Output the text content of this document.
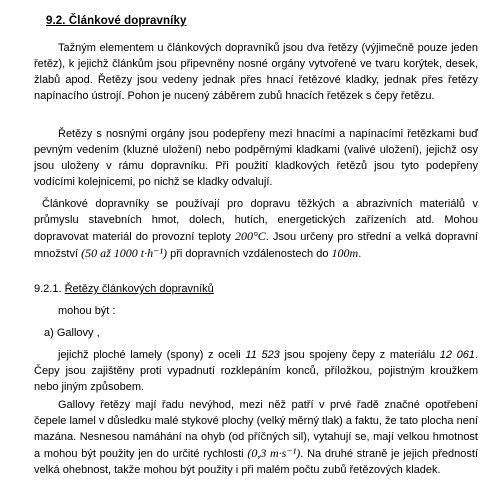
9.2. Článkové dopravníky
Tažným elementem u článkových dopravníků jsou dva řetězy (výjimečně pouze jeden řetěz), k jejichž článkům jsou připevněny nosné orgány vytvořené ve tvaru korýtek, desek, žlabů apod. Řetězy jsou vedeny jednak přes hnací řetězové kladky, jednak přes řetězy napínacího ústrojí. Pohon je nucený záběrem zubů hnacích řetězek s čepy řetězu.
Řetězy s nosnými orgány jsou podepřeny mezi hnacími a napínacími řetězkami buď pevným vedením (kluzné uložení) nebo podpěrnými kladkami (valivé uložení), jejichž osy jsou uloženy v rámu dopravníku. Při použití kladkových řetězů jsou tyto podepřeny vodícími kolejnicemi, po nichž se kladky odvalují.
Článkové dopravníky se používají pro dopravu těžkých a abrazivních materiálů v průmyslu stavebních hmot, dolech, hutích, energetických zařízeních atd. Mohou dopravovat materiál do provozní teploty 200°C. Jsou určeny pro střední a velká dopravní množství (50 až 1000 t·h⁻¹) při dopravních vzdálenostech do 100m.
9.2.1. Řetězy článkových dopravníků
mohou být :
a) Gallovy ,
jejichž ploché lamely (spony) z oceli 11 523 jsou spojeny čepy z materiálu 12 061. Čepy jsou zajištěny proti vypadnutí rozklepáním konců, příložkou, pojistným kroužkem nebo jiným způsobem.
Gallovy řetězy mají řadu nevýhod, mezi něž patří v prvé řadě značné opotřebení čepele lamel v důsledku malé stykové plochy (velký měrný tlak) a faktu, že tato plocha není mazána. Nesnesou namáhání na ohyb (od příčných sil), vytahují se, mají velkou hmotnost a mohou být použity jen do určité rychlosti (0,3 m·s⁻¹). Na druhé straně je jejich předností velká ohebnost, takže mohou být použity i při malém počtu zubů řetězových kladek.
